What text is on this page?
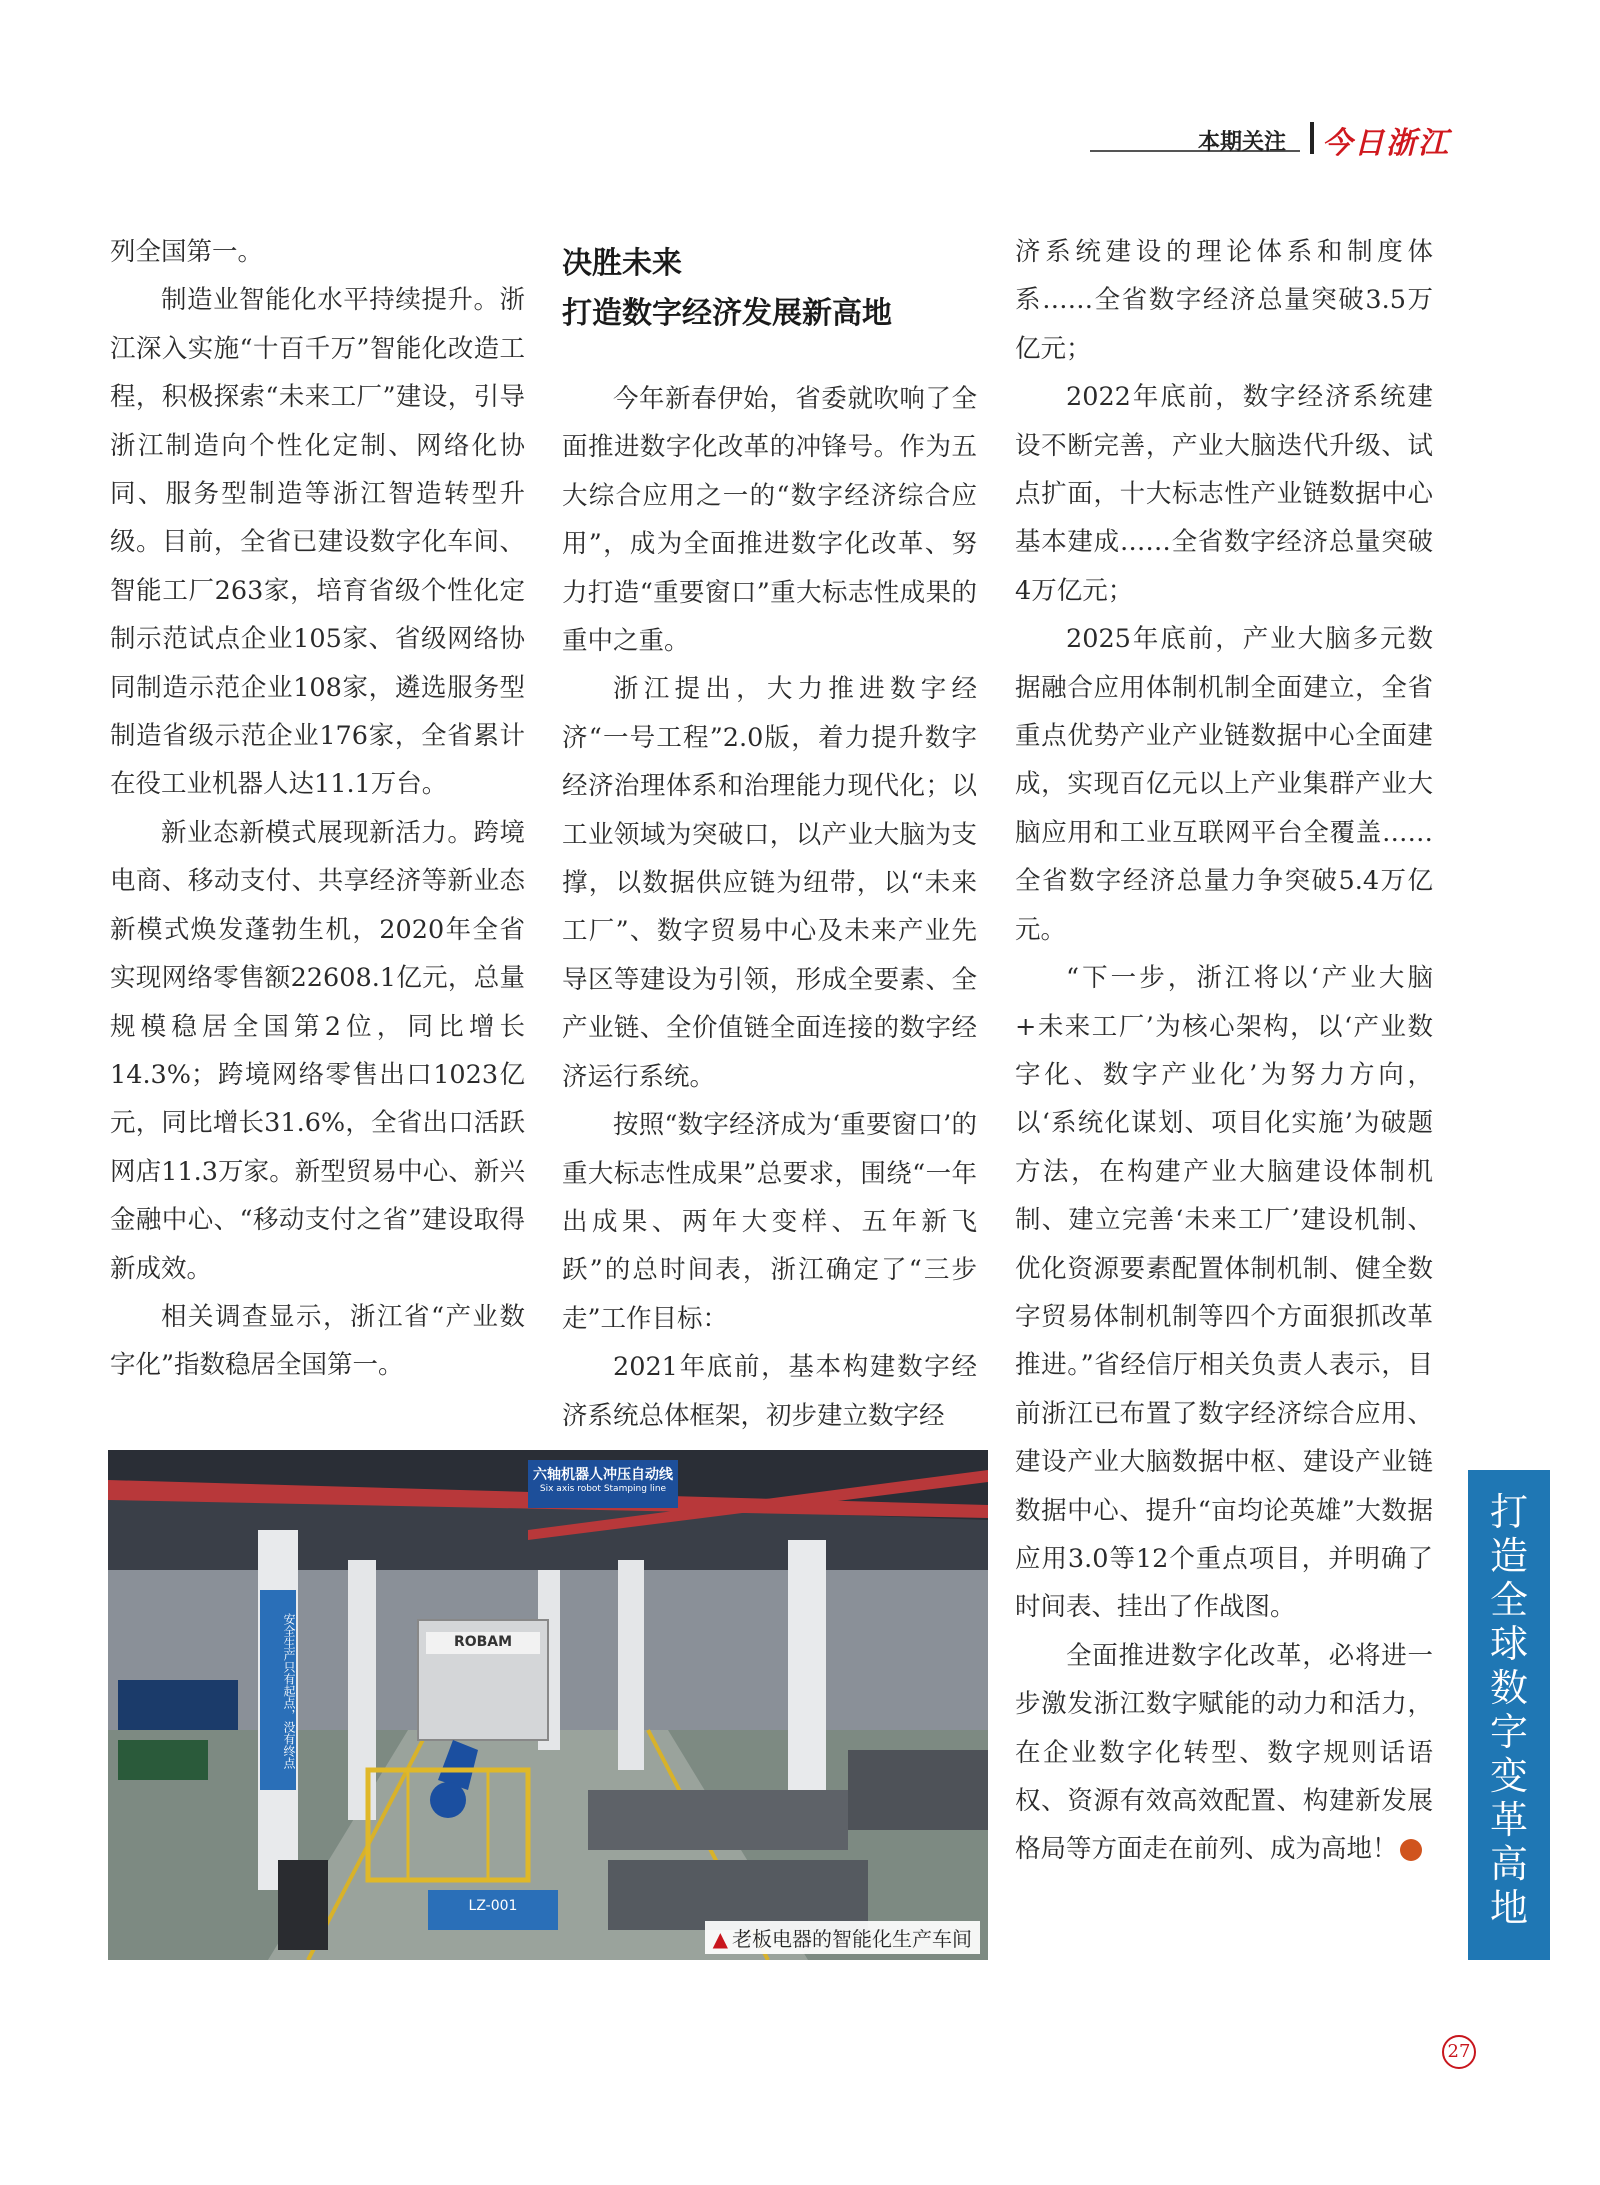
本期关注 今日浙江

列全国第一。

制造业智能化水平持续提升。浙江深入实施“十百千万”智能化改造工程，积极探索“未来工厂”建设，引导浙江制造向个性化定制、网络化协同、服务型制造等浙江智造转型升级。目前，全省已建设数字化车间、智能工厂263家，培育省级个性化定制示范试点企业105家、省级网络协同制造示范企业108家，遴选服务型制造省级示范企业176家，全省累计在役工业机器人达11.1万台。

新业态新模式展现新活力。跨境电商、移动支付、共享经济等新业态新模式焕发蓬勃生机，2020年全省实现网络零售额22608.1亿元，总量规模稳居全国第2位，同比增长14.3%；跨境网络零售出口1023亿元，同比增长31.6%，全省出口活跃网店11.3万家。新型贸易中心、新兴金融中心、“移动支付之省”建设取得新成效。

相关调查显示，浙江省“产业数字化”指数稳居全国第一。

决胜未来
打造数字经济发展新高地

今年新春伊始，省委就吹响了全面推进数字化改革的冲锋号。作为五大综合应用之一的“数字经济综合应用”，成为全面推进数字化改革、努力打造“重要窗口”重大标志性成果的重中之重。

浙江提出，大力推进数字经济“一号工程”2.0版，着力提升数字经济治理体系和治理能力现代化；以工业领域为突破口，以产业大脑为支撑，以数据供应链为纽带，以“未来工厂”、数字贸易中心及未来产业先导区等建设为引领，形成全要素、全产业链、全价值链全面连接的数字经济运行系统。

按照“数字经济成为‘重要窗口’的重大标志性成果”总要求，围绕“一年出成果、两年大变样、五年新飞跃”的总时间表，浙江确定了“三步走”工作目标：

2021年底前，基本构建数字经济系统总体框架，初步建立数字经

济系统建设的理论体系和制度体系……全省数字经济总量突破3.5万亿元；

2022年底前，数字经济系统建设不断完善，产业大脑迭代升级、试点扩面，十大标志性产业链数据中心基本建成……全省数字经济总量突破4万亿元；

2025年底前，产业大脑多元数据融合应用体制机制全面建立，全省重点优势产业产业链数据中心全面建成，实现百亿元以上产业集群产业大脑应用和工业互联网平台全覆盖……全省数字经济总量力争突破5.4万亿元。

“下一步，浙江将以‘产业大脑+未来工厂’为核心架构，以‘产业数字化、数字产业化’为努力方向，以‘系统化谋划、项目化实施’为破题方法，在构建产业大脑建设体制机制、建立完善‘未来工厂’建设机制、优化资源要素配置体制机制、健全数字贸易体制机制等四个方面狠抓改革推进。”省经信厅相关负责人表示，目前浙江已布置了数字经济综合应用、建设产业大脑数据中枢、建设产业链数据中心、提升“亩均论英雄”大数据应用3.0等12个重点项目，并明确了时间表、挂出了作战图。

全面推进数字化改革，必将进一步激发浙江数字赋能的动力和活力，在企业数字化转型、数字规则话语权、资源有效高效配置、构建新发展格局等方面走在前列、成为高地！

六轴机器人冲压自动线
Six axis robot Stamping line
ROBAM
安全生产只有起点，没有终点
LZ-001
▲ 老板电器的智能化生产车间
打
造
全
球
数
字
变
革
高
地
27
